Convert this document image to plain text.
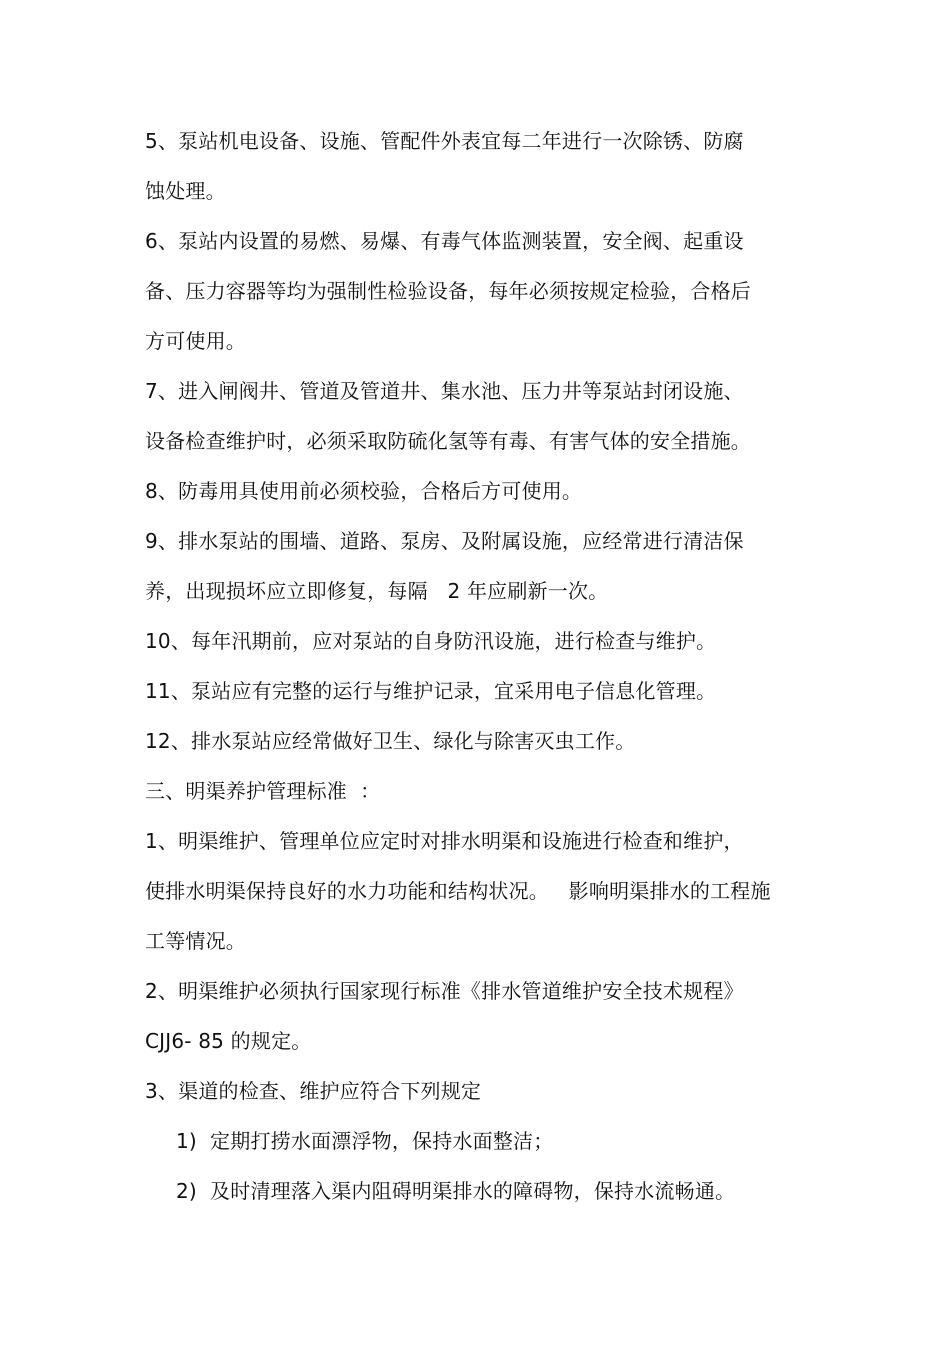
5、泵站机电设备、设施、管配件外表宜每二年进行一次除锈、防腐
蚀处理。
6、泵站内设置的易燃、易爆、有毒气体监测装置，安全阀、起重设
备、压力容器等均为强制性检验设备，每年必须按规定检验，合格后
方可使用。
7、进入闸阀井、管道及管道井、集水池、压力井等泵站封闭设施、
设备检查维护时，必须采取防硫化氢等有毒、有害气体的安全措施。
8、防毒用具使用前必须校验，合格后方可使用。
9、排水泵站的围墙、道路、泵房、及附属设施，应经常进行清洁保
养，出现损坏应立即修复，每隔   2 年应刷新一次。
10、每年汛期前，应对泵站的自身防汛设施，进行检查与维护。
11、泵站应有完整的运行与维护记录，宜采用电子信息化管理。
12、排水泵站应经常做好卫生、绿化与除害灭虫工作。
三、明渠养护管理标准  ：
1、明渠维护、管理单位应定时对排水明渠和设施进行检查和维护，
使排水明渠保持良好的水力功能和结构状况。   影响明渠排水的工程施
工等情况。
2、明渠维护必须执行国家现行标准《排水管道维护安全技术规程》
CJJ6- 85 的规定。
3、渠道的检查、维护应符合下列规定
1)  定期打捞水面漂浮物，保持水面整洁；
2)  及时清理落入渠内阻碍明渠排水的障碍物，保持水流畅通。
